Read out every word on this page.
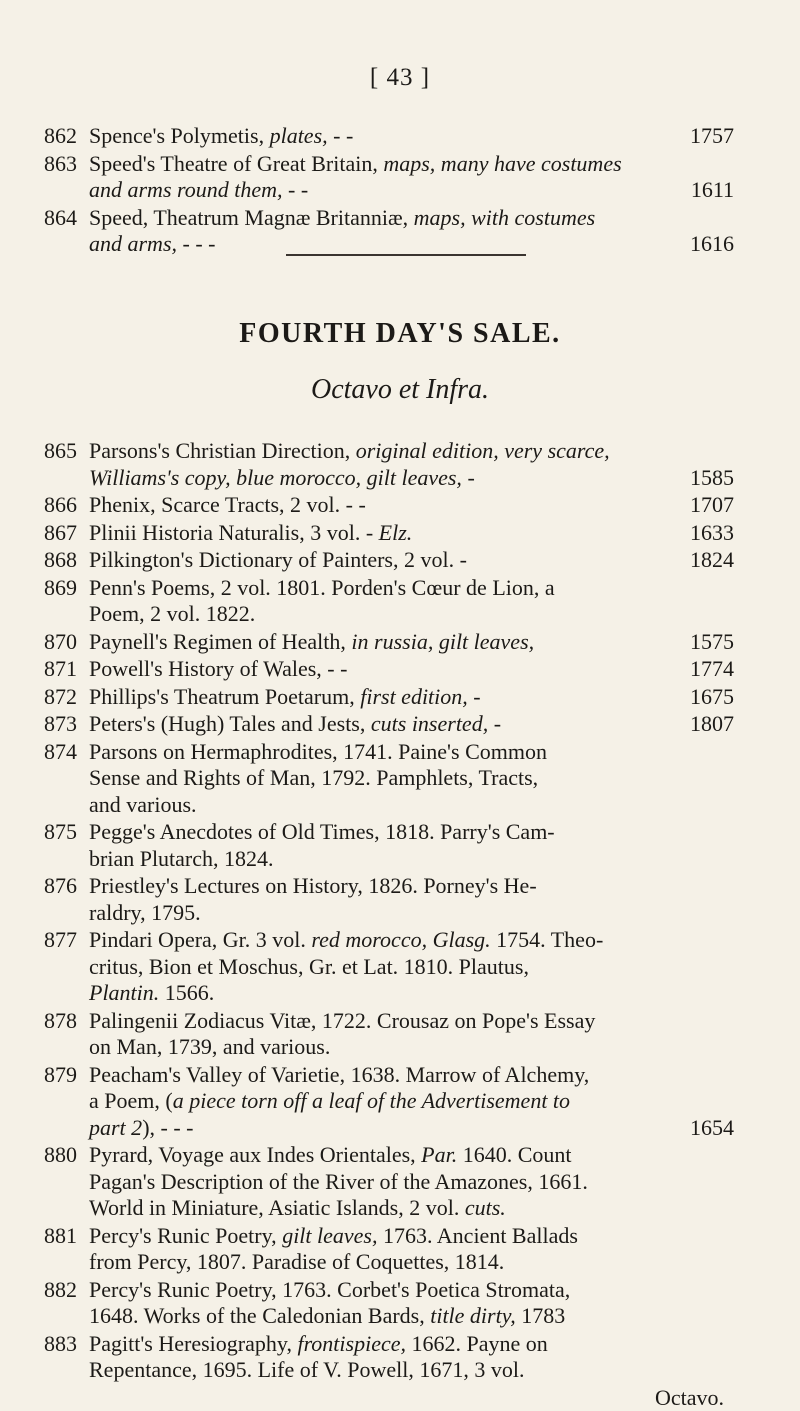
[ 43 ]
862 Spence's Polymetis, plates, - -	1757
863 Speed's Theatre of Great Britain, maps, many have costumes
and arms round them, - -	1611
864 Speed, Theatrum Magnæ Britanniæ, maps, with costumes
and arms, - - -	1616
FOURTH DAY'S SALE.
Octavo et Infra.
865 Parsons's Christian Direction, original edition, very scarce,
Williams's copy, blue morocco, gilt leaves, -	1585
866 Phenix, Scarce Tracts, 2 vol. - -	1707
867 Plinii Historia Naturalis, 3 vol. - Elz.	1633
868 Pilkington's Dictionary of Painters, 2 vol. -	1824
869 Penn's Poems, 2 vol. 1801. Porden's Cœur de Lion, a
Poem, 2 vol. 1822.
870 Paynell's Regimen of Health, in russia, gilt leaves,	1575
871 Powell's History of Wales, - -	1774
872 Phillips's Theatrum Poetarum, first edition, -	1675
873 Peters's (Hugh) Tales and Jests, cuts inserted, -	1807
874 Parsons on Hermaphrodites, 1741. Paine's Common
Sense and Rights of Man, 1792. Pamphlets, Tracts,
and various.
875 Pegge's Anecdotes of Old Times, 1818. Parry's Cam-
brian Plutarch, 1824.
876 Priestley's Lectures on History, 1826. Porney's He-
raldry, 1795.
877 Pindari Opera, Gr. 3 vol. red morocco, Glasg. 1754. Theo-
critus, Bion et Moschus, Gr. et Lat. 1810. Plautus,
Plantin. 1566.
878 Palingenii Zodiacus Vitæ, 1722. Crousaz on Pope's Essay
on Man, 1739, and various.
879 Peacham's Valley of Varietie, 1638. Marrow of Alchemy,
a Poem, (a piece torn off a leaf of the Advertisement to
part 2), - - -	1654
880 Pyrard, Voyage aux Indes Orientales, Par. 1640. Count
Pagan's Description of the River of the Amazones, 1661.
World in Miniature, Asiatic Islands, 2 vol. cuts.
881 Percy's Runic Poetry, gilt leaves, 1763. Ancient Ballads
from Percy, 1807. Paradise of Coquettes, 1814.
882 Percy's Runic Poetry, 1763. Corbet's Poetica Stromata,
1648. Works of the Caledonian Bards, title dirty, 1783
883 Pagitt's Heresiography, frontispiece, 1662. Payne on
Repentance, 1695. Life of V. Powell, 1671, 3 vol.
Octavo.
